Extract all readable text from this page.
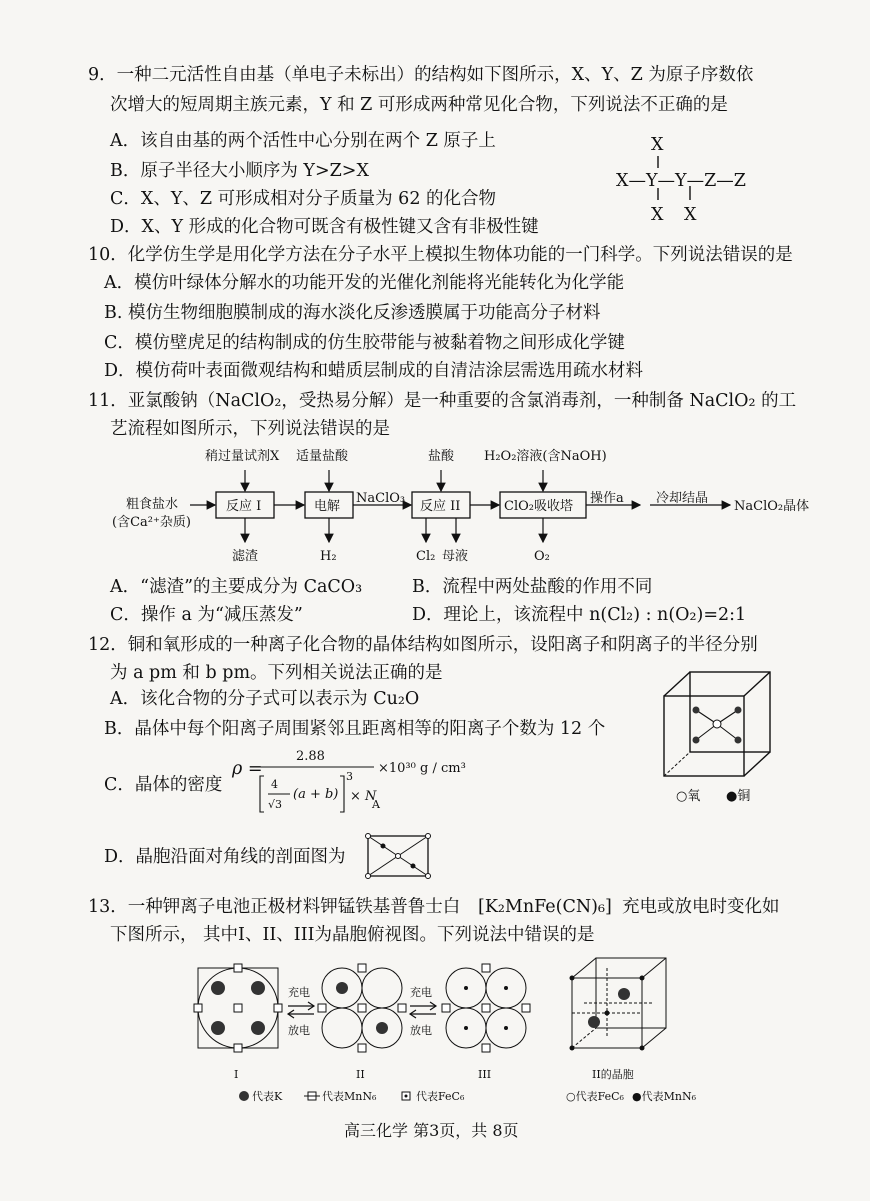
9．一种二元活性自由基（单电子未标出）的结构如下图所示，X、Y、Z 为原子序数依
次增大的短周期主族元素，Y 和 Z 可形成两种常见化合物，下列说法不正确的是
A．该自由基的两个活性中心分别在两个 Z 原子上
B．原子半径大小顺序为 Y>Z>X
C．X、Y、Z 可形成相对分子质量为 62 的化合物
D．X、Y 形成的化合物可既含有极性键又含有非极性键
X
X—Y—Y—Z—Z
X X
10．化学仿生学是用化学方法在分子水平上模拟生物体功能的一门科学。下列说法错误的是
A．模仿叶绿体分解水的功能开发的光催化剂能将光能转化为化学能
B. 模仿生物细胞膜制成的海水淡化反渗透膜属于功能高分子材料
C．模仿壁虎足的结构制成的仿生胶带能与被黏着物之间形成化学键
D．模仿荷叶表面微观结构和蜡质层制成的自清洁涂层需选用疏水材料
11．亚氯酸钠（NaClO₂，受热易分解）是一种重要的含氯消毒剂，一种制备 NaClO₂ 的工
艺流程如图所示，下列说法错误的是
稍过量试剂X 适量盐酸	盐酸 H₂O₂溶液(含NaOH)
粗食盐水
(含Ca²⁺杂质)
反应 I	电解
NaClO₃
反应 II	ClO₂吸收塔
操作a 冷却结晶
NaClO₂晶体
滤渣	H₂	Cl₂ 母液	O₂
A．“滤渣”的主要成分为 CaCO₃	B．流程中两处盐酸的作用不同
C．操作 a 为“减压蒸发”	D．理论上，该流程中 n(Cl₂) : n(O₂)=2:1
12．铜和氧形成的一种离子化合物的晶体结构如图所示，设阳离子和阴离子的半径分别
为 a pm 和 b pm。下列相关说法正确的是
A．该化合物的分子式可以表示为 Cu₂O
B．晶体中每个阳离子周围紧邻且距离相等的阳离子个数为 12 个
C．晶体的密度
ρ =
2.88
4
√3
(a + b)
3
× N
A
×10³⁰ g / cm³
D．晶胞沿面对角线的剖面图为
○氧 ●铜
13．一种钾离子电池正极材料钾锰铁基普鲁士白 [K₂MnFe(CN)₆] 充电或放电时变化如
下图所示， 其中I、II、III为晶胞俯视图。下列说法中错误的是
充电
放电
充电
放电
I	II	III	II的晶胞
代表K	代表MnN₆	代表FeC₆	○代表FeC₆ ●代表MnN₆
高三化学 第3页，共 8页
